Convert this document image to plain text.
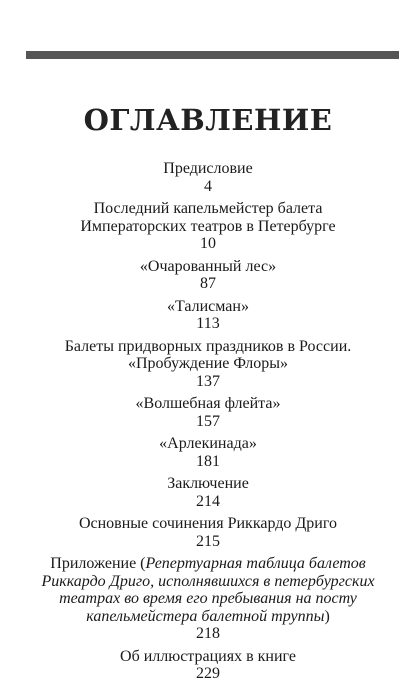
ОГЛАВЛЕНИЕ
Предисловие
4
Последний капельмейстер балета
Императорских театров в Петербурге
10
«Очарованный лес»
87
«Талисман»
113
Балеты придворных праздников в России.
«Пробуждение Флоры»
137
«Волшебная флейта»
157
«Арлекинада»
181
Заключение
214
Основные сочинения Риккардо Дриго
215
Приложение (Репертуарная таблица балетов
Риккардо Дриго, исполнявшихся в петербургских
театрах во время его пребывания на посту
капельмейстера балетной труппы)
218
Об иллюстрациях в книге
229
